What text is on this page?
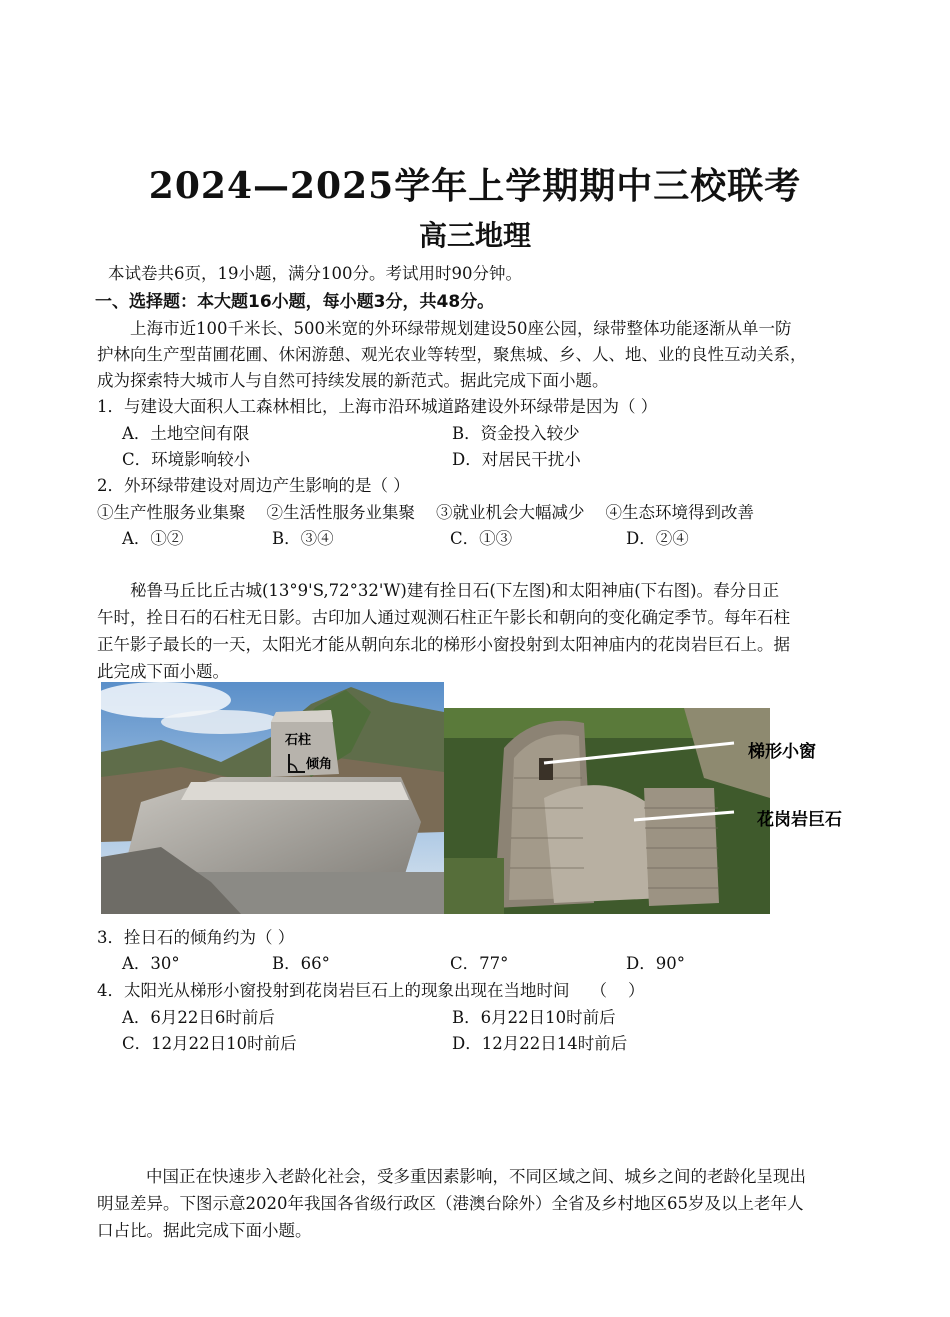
2024—2025学年上学期期中三校联考
高三地理
本试卷共6页，19小题，满分100分。考试用时90分钟。
一、选择题：本大题16小题，每小题3分，共48分。
上海市近100千米长、500米宽的外环绿带规划建设50座公园，绿带整体功能逐渐从单一防
护林向生产型苗圃花圃、休闲游憩、观光农业等转型，聚焦城、乡、人、地、业的良性互动关系，
成为探索特大城市人与自然可持续发展的新范式。据此完成下面小题。
1．与建设大面积人工森林相比，上海市沿环城道路建设外环绿带是因为（ ）
A．土地空间有限	B．资金投入较少
C．环境影响较小	D．对居民干扰小
2．外环绿带建设对周边产生影响的是（ ）
①生产性服务业集聚    ②生活性服务业集聚    ③就业机会大幅减少    ④生态环境得到改善
A．①②	B．③④	C．①③	D．②④
秘鲁马丘比丘古城(13°9'S,72°32'W)建有拴日石(下左图)和太阳神庙(下右图)。春分日正
午时，拴日石的石柱无日影。古印加人通过观测石柱正午影长和朝向的变化确定季节。每年石柱
正午影子最长的一天，太阳光才能从朝向东北的梯形小窗投射到太阳神庙内的花岗岩巨石上。据
此完成下面小题。
石柱
倾角
梯形小窗
花岗岩巨石
3．拴日石的倾角约为（ ）
A．30°	B．66°	C．77°	D．90°
4．太阳光从梯形小窗投射到花岗岩巨石上的现象出现在当地时间    （    ）
A．6月22日6时前后	B．6月22日10时前后
C．12月22日10时前后	D．12月22日14时前后
中国正在快速步入老龄化社会，受多重因素影响，不同区域之间、城乡之间的老龄化呈现出
明显差异。下图示意2020年我国各省级行政区（港澳台除外）全省及乡村地区65岁及以上老年人
口占比。据此完成下面小题。
